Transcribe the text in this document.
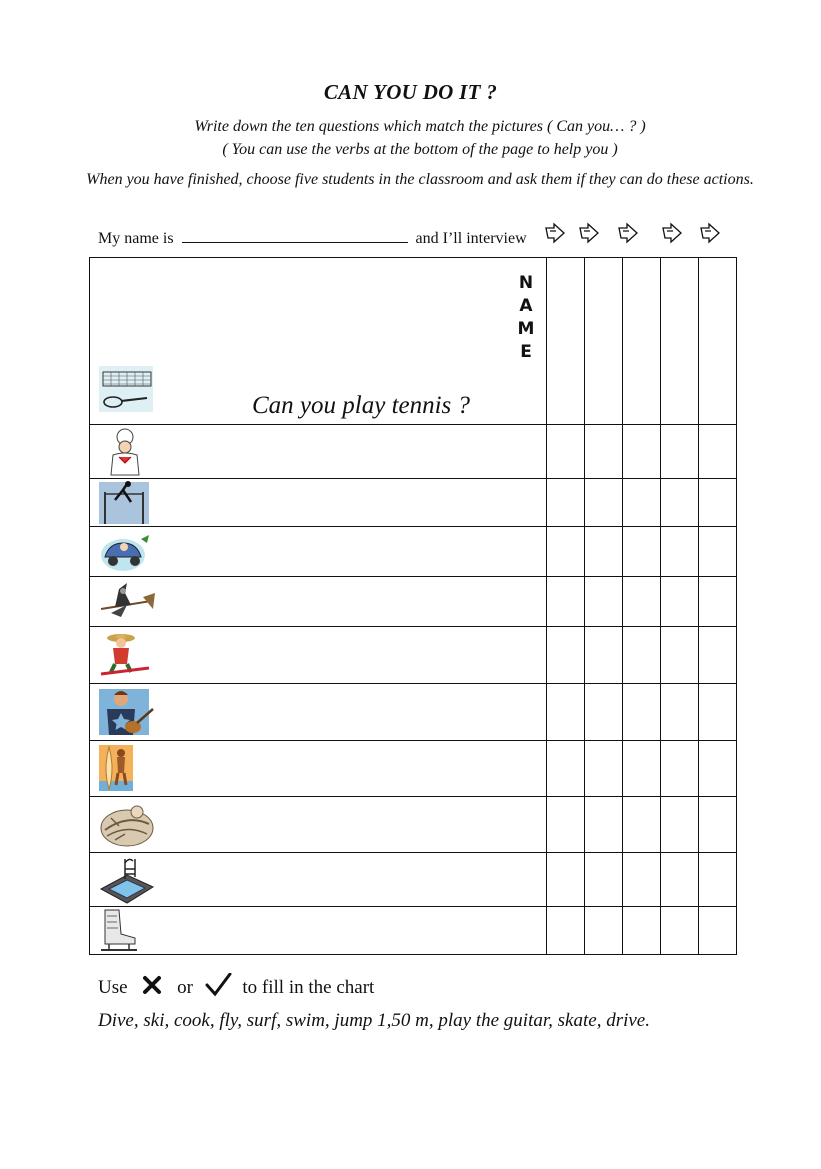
CAN YOU DO IT ?
Write down the ten questions which match the pictures ( Can you… ? )
( You can use the verbs at the bottom of the page to help you )
When you have finished, choose five students in the classroom and ask them if they can do these actions.
My name is	and I’ll interview
N
A
M
E
Can you play tennis ?					

Use	or	to fill in the chart
Dive, ski, cook, fly, surf, swim, jump 1,50 m, play the guitar, skate, drive.
